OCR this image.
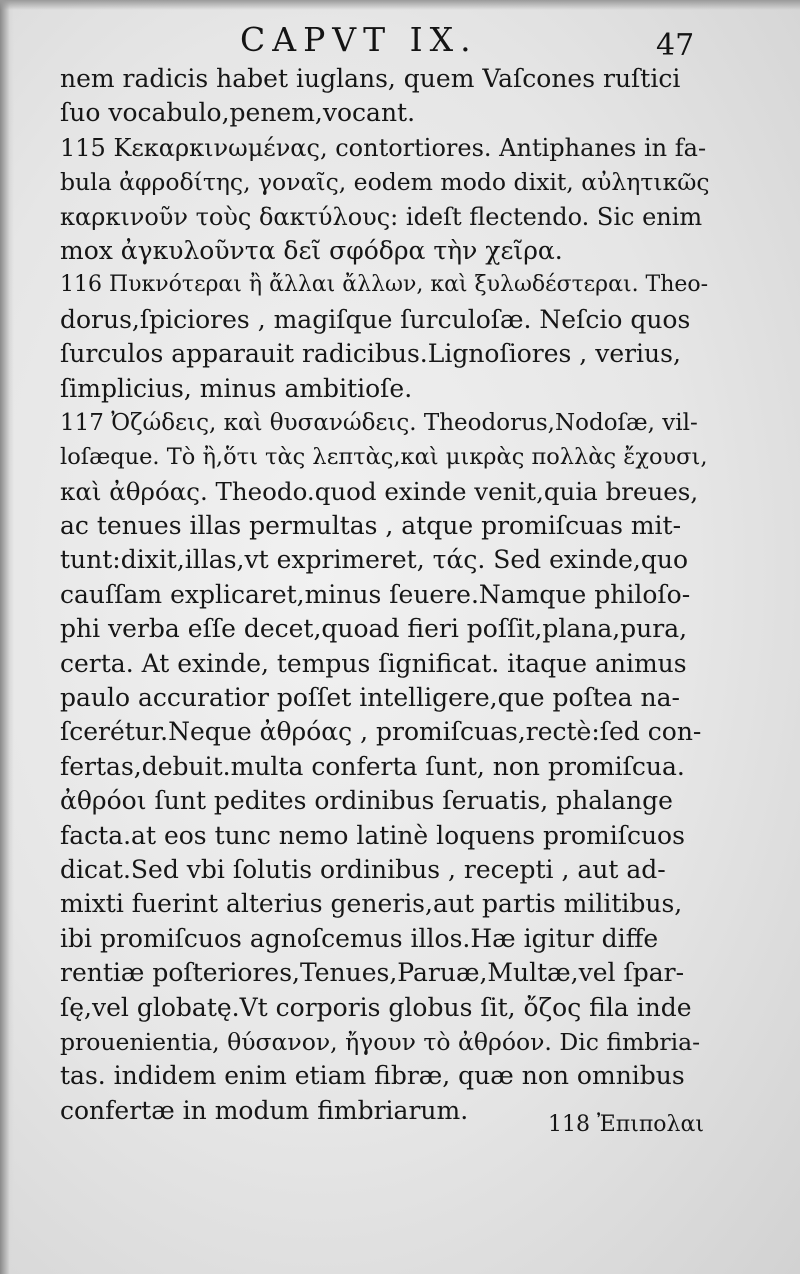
CAPVT IX.	47
nem radicis habet iuglans, quem Vaſcones ruſtici
ſuo vocabulo,penem,vocant.
115 Κεκαρκινωμένας, contortiores. Antiphanes in fa-
bula ἀφροδίτης, γοναῖς, eodem modo dixit, αὐλητικῶς
καρκινοῦν τοὺς δακτύλους: ideſt flectendo. Sic enim
mox ἀγκυλοῦντα δεῖ σφόδρα τὴν χεῖρα.
116 Πυκνότεραι ἢ ἄλλαι ἄλλων, καὶ ξυλωδέστεραι. Theo-
dorus,ſpiciores , magiſque ſurculoſæ. Neſcio quos
ſurculos apparauit radicibus.Lignoſiores , verius,
ſimplicius, minus ambitioſe.
117 Ὀζώδεις, καὶ θυσανώδεις. Theodorus,Nodoſæ, vil-
loſæque. Τὸ ἢ,ὅτι τὰς λεπτὰς,καὶ μικρὰς πολλὰς ἔχουσι,
καὶ ἀθρόας. Theodo.quod exinde venit,quia breues,
ac tenues illas permultas , atque promiſcuas mit-
tunt:dixit,illas,vt exprimeret, τάς. Sed exinde,quo
cauſſam explicaret,minus ſeuere.Namque philoſo-
phi verba eſſe decet,quoad fieri poſſit,plana,pura,
certa. At exinde, tempus ſignificat. itaque animus
paulo accuratior poſſet intelligere,que poſtea na-
ſcerétur.Neque ἀθρόας , promiſcuas,rectè:ſed con-
fertas,debuit.multa conferta ſunt, non promiſcua.
ἀθρόοι ſunt pedites ordinibus ſeruatis, phalange
facta.at eos tunc nemo latinè loquens promiſcuos
dicat.Sed vbi ſolutis ordinibus , recepti , aut ad-
mixti fuerint alterius generis,aut partis militibus,
ibi promiſcuos agnoſcemus illos.Hæ igitur diffe
rentiæ poſteriores,Tenues,Paruæ,Multæ,vel ſpar-
ſę,vel globatę.Vt corporis globus ſit, ὄζος fila inde
prouenientia, θύσανον, ἤγουν τὸ ἀθρόον. Dic fimbria-
tas. indidem enim etiam fibræ, quæ non omnibus
confertæ in modum fimbriarum.	118 Ἐπιπολαι
